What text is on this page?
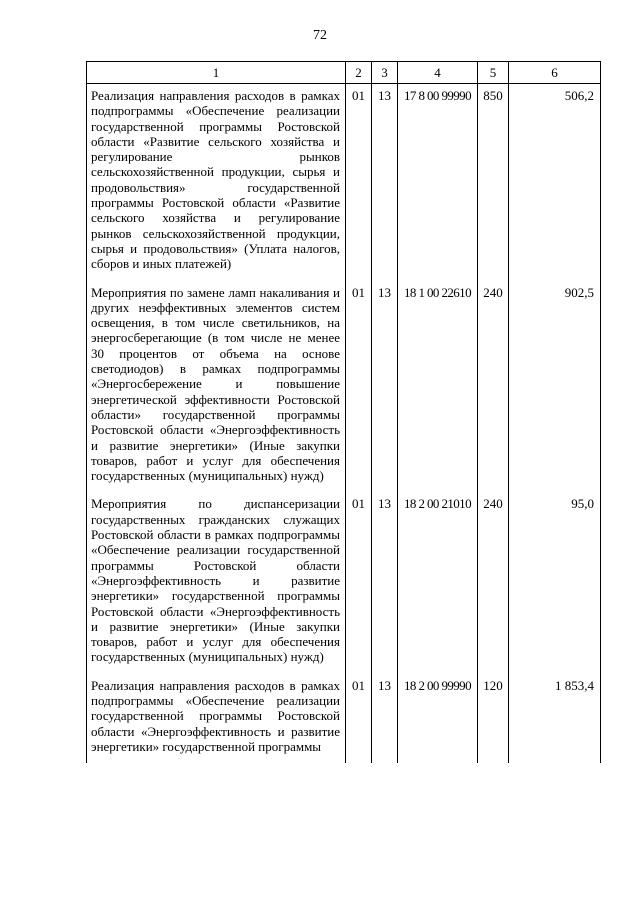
72
1	2	3	4	5	6
Реализация направления расходов в рамках подпрограммы «Обеспечение реализации государственной программы Ростовской области «Развитие сельского хозяйства и регулирование рынков сельскохозяйственной продукции, сырья и продовольствия» государственной программы Ростовской области «Развитие сельского хозяйства и регулирование рынков сельскохозяйственной продукции, сырья и продовольствия» (Уплата налогов, сборов и иных платежей)	01	13	17 8 00 99990	850	506,2
Мероприятия по замене ламп накаливания и других неэффективных элементов систем освещения, в том числе светильников, на энергосберегающие (в том числе не менее 30 процентов от объема на основе светодиодов) в рамках подпрограммы «Энергосбережение и повышение энергетической эффективности Ростовской области» государственной программы Ростовской области «Энергоэффективность и развитие энергетики» (Иные закупки товаров, работ и услуг для обеспечения государственных (муниципальных) нужд)	01	13	18 1 00 22610	240	902,5
Мероприятия по диспансеризации государственных гражданских служащих Ростовской области в рамках подпрограммы «Обеспечение реализации государственной программы Ростовской области «Энергоэффективность и развитие энергетики» государственной программы Ростовской области «Энергоэффективность и развитие энергетики» (Иные закупки товаров, работ и услуг для обеспечения государственных (муниципальных) нужд)	01	13	18 2 00 21010	240	95,0
Реализация направления расходов в рамках подпрограммы «Обеспечение реализации государственной программы Ростовской области «Энергоэффективность и развитие энергетики» государственной программы	01	13	18 2 00 99990	120	1 853,4
